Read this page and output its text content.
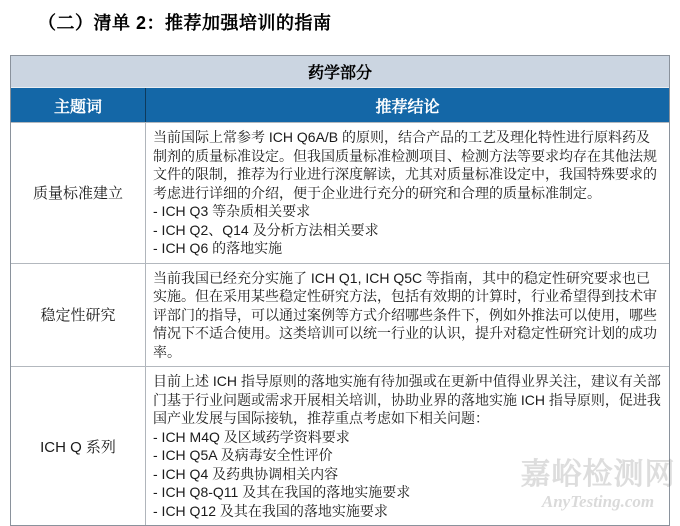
（二）清单 2：推荐加强培训的指南
药学部分
主题词	推荐结论
质量标准建立
当前国际上常参考 ICH Q6A/B 的原则，结合产品的工艺及理化特性进行原料药及制剂的质量标准设定。但我国质量标准检测项目、检测方法等要求均存在其他法规文件的限制，推荐为行业进行深度解读，尤其对质量标准设定中，我国特殊要求的考虑进行详细的介绍，便于企业进行充分的研究和合理的质量标准制定。
- ICH Q3 等杂质相关要求
- ICH Q2、Q14 及分析方法相关要求
- ICH Q6 的落地实施
稳定性研究
当前我国已经充分实施了 ICH Q1, ICH Q5C 等指南，其中的稳定性研究要求也已实施。但在采用某些稳定性研究方法，包括有效期的计算时，行业希望得到技术审评部门的指导，可以通过案例等方式介绍哪些条件下，例如外推法可以使用，哪些情况下不适合使用。这类培训可以统一行业的认识，提升对稳定性研究计划的成功率。
ICH Q 系列
目前上述 ICH 指导原则的落地实施有待加强或在更新中值得业界关注，建议有关部门基于行业问题或需求开展相关培训，协助业界的落地实施 ICH 指导原则，促进我国产业发展与国际接轨，推荐重点考虑如下相关问题：
- ICH M4Q 及区域药学资料要求
- ICH Q5A 及病毒安全性评价
- ICH Q4 及药典协调相关内容
- ICH Q8-Q11 及其在我国的落地实施要求
- ICH Q12 及其在我国的落地实施要求
嘉峪检测网
AnyTesting.com
